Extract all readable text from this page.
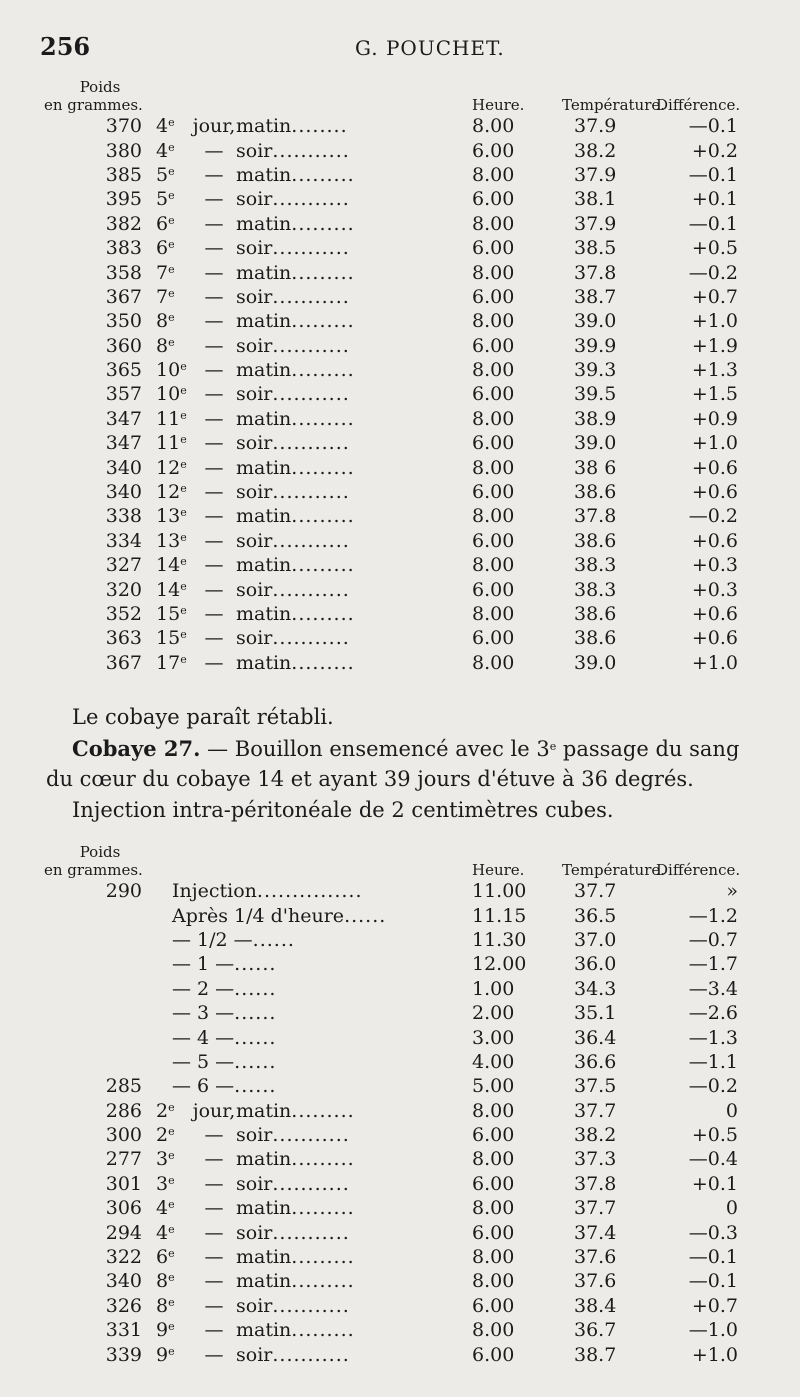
256	G. POUCHET.
Poids						
en grammes.				Heure.	Température.	Différence.
370	4e	jour,	matin........	8.00	37.9	—0.1
380	4e	—	soir...........	6.00	38.2	+0.2
385	5e	—	matin.........	8.00	37.9	—0.1
395	5e	—	soir...........	6.00	38.1	+0.1
382	6e	—	matin.........	8.00	37.9	—0.1
383	6e	—	soir...........	6.00	38.5	+0.5
358	7e	—	matin.........	8.00	37.8	—0.2
367	7e	—	soir...........	6.00	38.7	+0.7
350	8e	—	matin.........	8.00	39.0	+1.0
360	8e	—	soir...........	6.00	39.9	+1.9
365	10e	—	matin.........	8.00	39.3	+1.3
357	10e	—	soir...........	6.00	39.5	+1.5
347	11e	—	matin.........	8.00	38.9	+0.9
347	11e	—	soir...........	6.00	39.0	+1.0
340	12e	—	matin.........	8.00	38 6	+0.6
340	12e	—	soir...........	6.00	38.6	+0.6
338	13e	—	matin.........	8.00	37.8	—0.2
334	13e	—	soir...........	6.00	38.6	+0.6
327	14e	—	matin.........	8.00	38.3	+0.3
320	14e	—	soir...........	6.00	38.3	+0.3
352	15e	—	matin.........	8.00	38.6	+0.6
363	15e	—	soir...........	6.00	38.6	+0.6
367	17e	—	matin.........	8.00	39.0	+1.0
Le cobaye paraît rétabli.
Cobaye 27. — Bouillon ensemencé avec le 3e passage du sang
du cœur du cobaye 14 et ayant 39 jours d'étuve à 36 degrés.
Injection intra-péritonéale de 2 centimètres cubes.
Poids						
en grammes.				Heure.	Température.	Différence.
290	Injection...............			11.00	37.7	»
	Après 1/4 d'heure......			11.15	36.5	—1.2
	— 1/2 —......			11.30	37.0	—0.7
	— 1 —......			12.00	36.0	—1.7
	— 2 —......			1.00	34.3	—3.4
	— 3 —......			2.00	35.1	—2.6
	— 4 —......			3.00	36.4	—1.3
	— 5 —......			4.00	36.6	—1.1
285	— 6 —......			5.00	37.5	—0.2
286	2e	jour,	matin.........	8.00	37.7	0
300	2e	—	soir...........	6.00	38.2	+0.5
277	3e	—	matin.........	8.00	37.3	—0.4
301	3e	—	soir...........	6.00	37.8	+0.1
306	4e	—	matin.........	8.00	37.7	0
294	4e	—	soir...........	6.00	37.4	—0.3
322	6e	—	matin.........	8.00	37.6	—0.1
340	8e	—	matin.........	8.00	37.6	—0.1
326	8e	—	soir...........	6.00	38.4	+0.7
331	9e	—	matin.........	8.00	36.7	—1.0
339	9e	—	soir...........	6.00	38.7	+1.0
